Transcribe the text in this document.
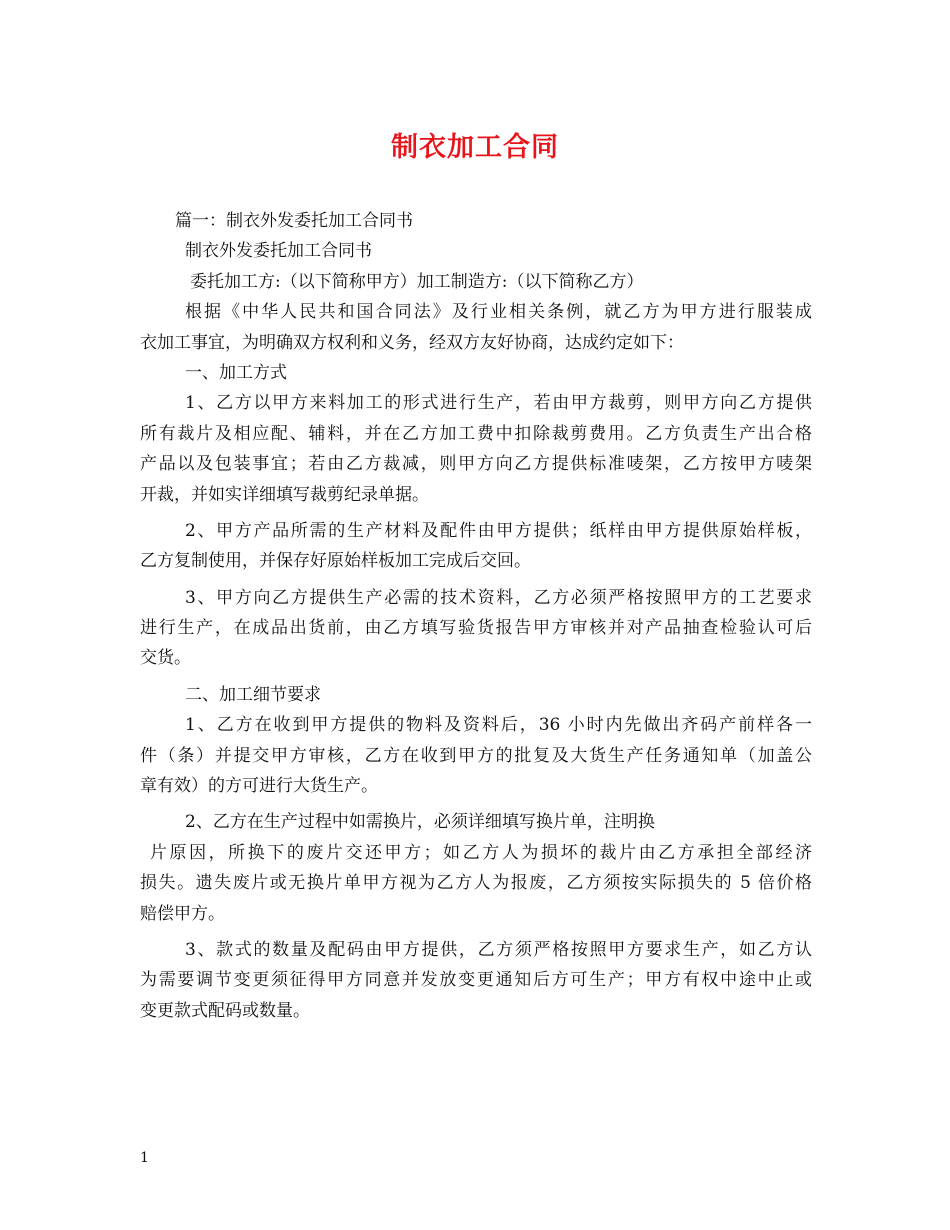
制衣加工合同
篇一：制衣外发委托加工合同书
制衣外发委托加工合同书
委托加工方:（以下简称甲方）加工制造方:（以下简称乙方）
根据《中华人民共和国合同法》及行业相关条例，就乙方为甲方进行服装成
衣加工事宜，为明确双方权利和义务，经双方友好协商，达成约定如下：
一、加工方式
1、乙方以甲方来料加工的形式进行生产，若由甲方裁剪，则甲方向乙方提供
所有裁片及相应配、辅料，并在乙方加工费中扣除裁剪费用。乙方负责生产出合格
产品以及包装事宜；若由乙方裁减，则甲方向乙方提供标准唛架，乙方按甲方唛架
开裁，并如实详细填写裁剪纪录单据。
2、甲方产品所需的生产材料及配件由甲方提供；纸样由甲方提供原始样板，
乙方复制使用，并保存好原始样板加工完成后交回。
3、甲方向乙方提供生产必需的技术资料，乙方必须严格按照甲方的工艺要求
进行生产，在成品出货前，由乙方填写验货报告甲方审核并对产品抽查检验认可后
交货。
二、加工细节要求
1、乙方在收到甲方提供的物料及资料后，36 小时内先做出齐码产前样各一
件（条）并提交甲方审核，乙方在收到甲方的批复及大货生产任务通知单（加盖公
章有效）的方可进行大货生产。
2、乙方在生产过程中如需换片，必须详细填写换片单，注明换
片原因，所换下的废片交还甲方；如乙方人为损坏的裁片由乙方承担全部经济
损失。遗失废片或无换片单甲方视为乙方人为报废，乙方须按实际损失的 5 倍价格
赔偿甲方。
3、款式的数量及配码由甲方提供，乙方须严格按照甲方要求生产，如乙方认
为需要调节变更须征得甲方同意并发放变更通知后方可生产；甲方有权中途中止或
变更款式配码或数量。
1
